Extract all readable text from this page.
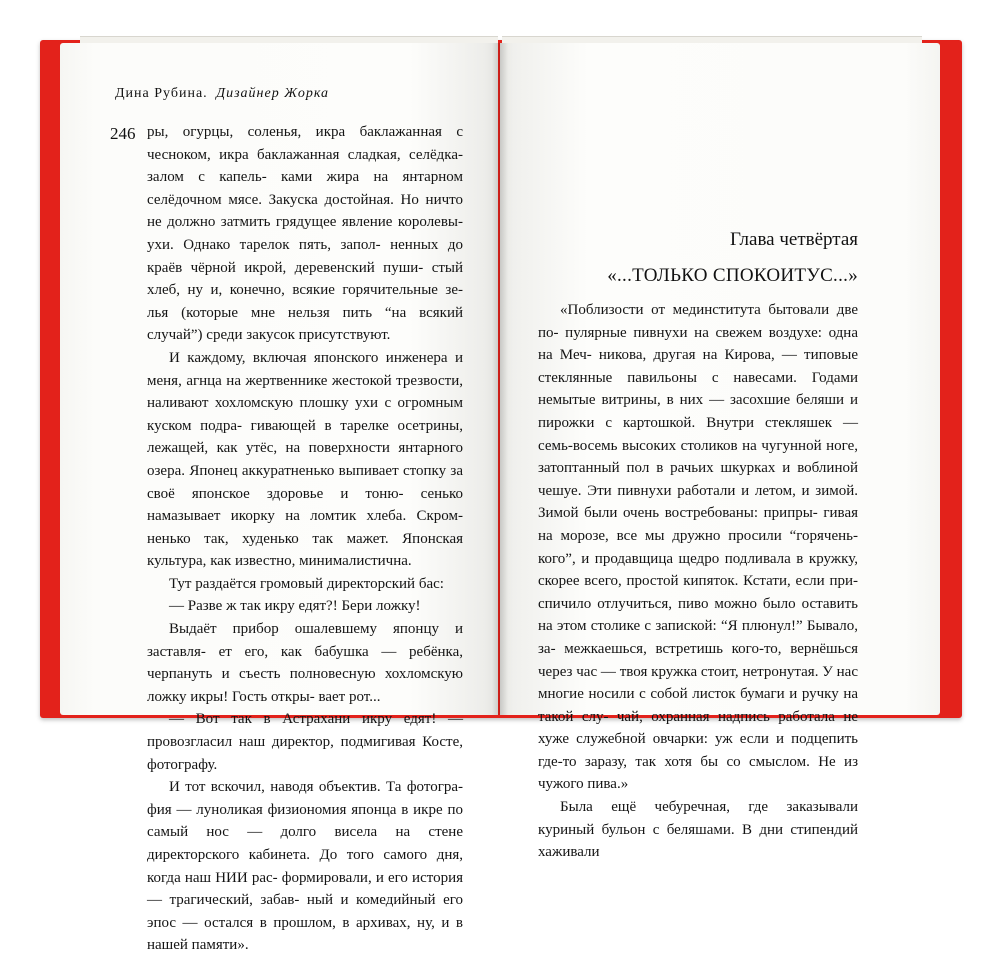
Дина Рубина. Дизайнер Жорка
246 ры, огурцы, соленья, икра баклажанная с чесноком, икра баклажанная сладкая, селёдка-залом с капель- ками жира на янтарном селёдочном мясе. Закуска достойная. Но ничто не должно затмить грядущее явление королевы-ухи. Однако тарелок пять, запол- ненных до краёв чёрной икрой, деревенский пуши- стый хлеб, ну и, конечно, всякие горячительные зе- лья (которые мне нельзя пить “на всякий случай”) среди закусок присутствуют.

И каждому, включая японского инженера и меня, агнца на жертвеннике жестокой трезвости, наливают хохломскую плошку ухи с огромным куском подра- гивающей в тарелке осетрины, лежащей, как утёс, на поверхности янтарного озера. Японец аккуратненько выпивает стопку за своё японское здоровье и тоню- сенько намазывает икорку на ломтик хлеба. Скром- ненько так, худенько так мажет. Японская культура, как известно, минималистична.

Тут раздаётся громовый директорский бас:

— Разве ж так икру едят?! Бери ложку!

Выдаёт прибор ошалевшему японцу и заставля- ет его, как бабушка — ребёнка, черпануть и съесть полновесную хохломскую ложку икры! Гость откры- вает рот...

— Вот так в Астрахани икру едят! — провозгласил наш директор, подмигивая Косте, фотографу.

И тот вскочил, наводя объектив. Та фотогра- фия — луноликая физиономия японца в икре по самый нос — долго висела на стене директорского кабинета. До того самого дня, когда наш НИИ рас- формировали, и его история — трагический, забав- ный и комедийный его эпос — остался в прошлом, в архивах, ну, и в нашей памяти».

Глава четвёртая
«...ТОЛЬКО СПОКОИТУС...»

«Поблизости от мединститута бытовали две по- пулярные пивнухи на свежем воздухе: одна на Меч- никова, другая на Кирова, — типовые стеклянные павильоны с навесами. Годами немытые витрины, в них — засохшие беляши и пирожки с картошкой. Внутри стекляшек — семь-восемь высоких столиков на чугунной ноге, затоптанный пол в рачьих шкурках и воблиной чешуе. Эти пивнухи работали и летом, и зимой. Зимой были очень востребованы: припры- гивая на морозе, все мы дружно просили “горячень- кого”, и продавщица щедро подливала в кружку, скорее всего, простой кипяток. Кстати, если при- спичило отлучиться, пиво можно было оставить на этом столике с запиской: “Я плюнул!” Бывало, за- межкаешься, встретишь кого-то, вернёшься через час — твоя кружка стоит, нетронутая. У нас многие носили с собой листок бумаги и ручку на такой слу- чай, охранная надпись работала не хуже служебной овчарки: уж если и подцепить где-то заразу, так хотя бы со смыслом. Не из чужого пива.»

Была ещё чебуречная, где заказывали куриный бульон с беляшами. В дни стипендий хаживали
